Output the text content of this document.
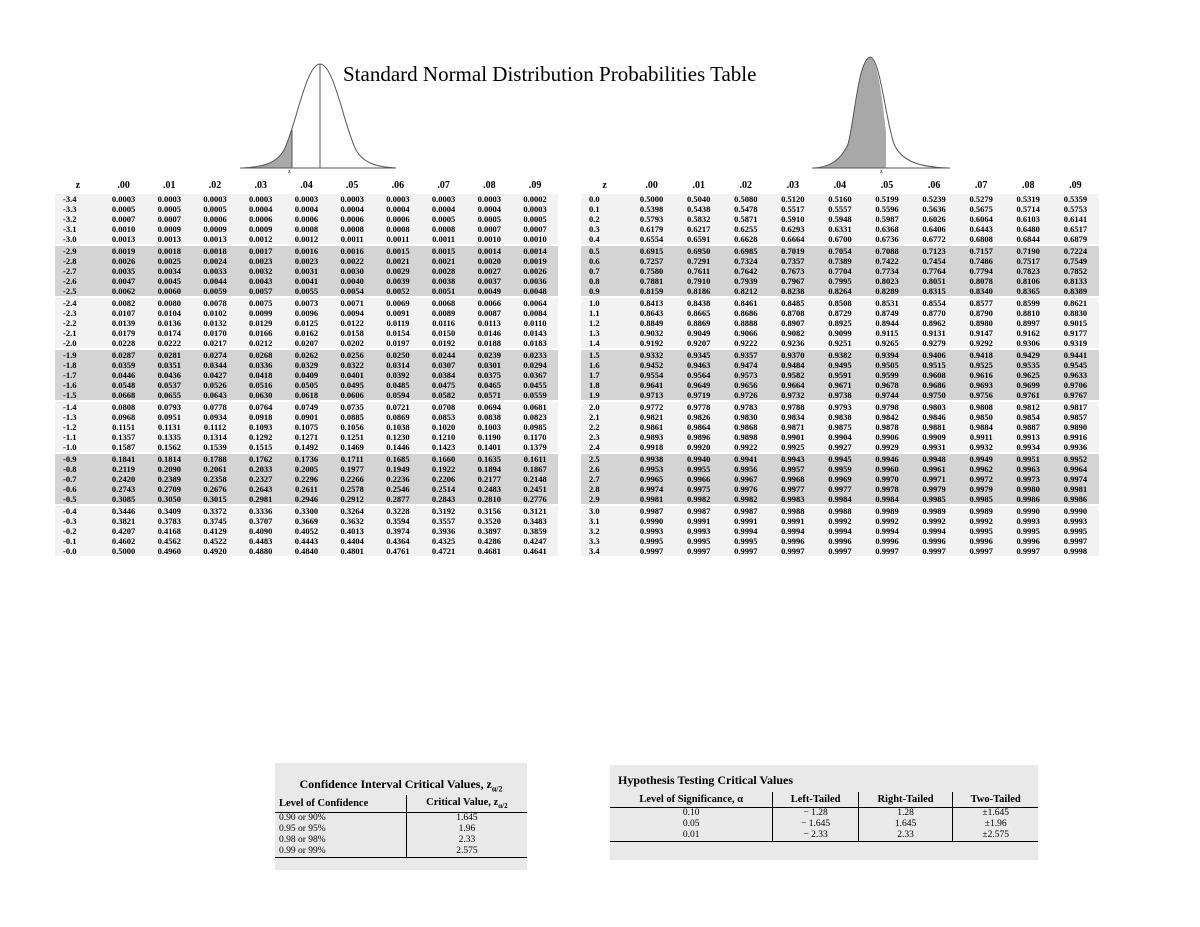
Standard Normal Distribution Probabilities Table
z	z
z	.00	.01	.02	.03	.04	.05	.06	.07	.08	.09
-3.4	0.0003	0.0003	0.0003	0.0003	0.0003	0.0003	0.0003	0.0003	0.0003	0.0002
-3.3	0.0005	0.0005	0.0005	0.0004	0.0004	0.0004	0.0004	0.0004	0.0004	0.0003
-3.2	0.0007	0.0007	0.0006	0.0006	0.0006	0.0006	0.0006	0.0005	0.0005	0.0005
-3.1	0.0010	0.0009	0.0009	0.0009	0.0008	0.0008	0.0008	0.0008	0.0007	0.0007
-3.0	0.0013	0.0013	0.0013	0.0012	0.0012	0.0011	0.0011	0.0011	0.0010	0.0010
-2.9	0.0019	0.0018	0.0018	0.0017	0.0016	0.0016	0.0015	0.0015	0.0014	0.0014
-2.8	0.0026	0.0025	0.0024	0.0023	0.0023	0.0022	0.0021	0.0021	0.0020	0.0019
-2.7	0.0035	0.0034	0.0033	0.0032	0.0031	0.0030	0.0029	0.0028	0.0027	0.0026
-2.6	0.0047	0.0045	0.0044	0.0043	0.0041	0.0040	0.0039	0.0038	0.0037	0.0036
-2.5	0.0062	0.0060	0.0059	0.0057	0.0055	0.0054	0.0052	0.0051	0.0049	0.0048
-2.4	0.0082	0.0080	0.0078	0.0075	0.0073	0.0071	0.0069	0.0068	0.0066	0.0064
-2.3	0.0107	0.0104	0.0102	0.0099	0.0096	0.0094	0.0091	0.0089	0.0087	0.0084
-2.2	0.0139	0.0136	0.0132	0.0129	0.0125	0.0122	0.0119	0.0116	0.0113	0.0110
-2.1	0.0179	0.0174	0.0170	0.0166	0.0162	0.0158	0.0154	0.0150	0.0146	0.0143
-2.0	0.0228	0.0222	0.0217	0.0212	0.0207	0.0202	0.0197	0.0192	0.0188	0.0183
-1.9	0.0287	0.0281	0.0274	0.0268	0.0262	0.0256	0.0250	0.0244	0.0239	0.0233
-1.8	0.0359	0.0351	0.0344	0.0336	0.0329	0.0322	0.0314	0.0307	0.0301	0.0294
-1.7	0.0446	0.0436	0.0427	0.0418	0.0409	0.0401	0.0392	0.0384	0.0375	0.0367
-1.6	0.0548	0.0537	0.0526	0.0516	0.0505	0.0495	0.0485	0.0475	0.0465	0.0455
-1.5	0.0668	0.0655	0.0643	0.0630	0.0618	0.0606	0.0594	0.0582	0.0571	0.0559
-1.4	0.0808	0.0793	0.0778	0.0764	0.0749	0.0735	0.0721	0.0708	0.0694	0.0681
-1.3	0.0968	0.0951	0.0934	0.0918	0.0901	0.0885	0.0869	0.0853	0.0838	0.0823
-1.2	0.1151	0.1131	0.1112	0.1093	0.1075	0.1056	0.1038	0.1020	0.1003	0.0985
-1.1	0.1357	0.1335	0.1314	0.1292	0.1271	0.1251	0.1230	0.1210	0.1190	0.1170
-1.0	0.1587	0.1562	0.1539	0.1515	0.1492	0.1469	0.1446	0.1423	0.1401	0.1379
-0.9	0.1841	0.1814	0.1788	0.1762	0.1736	0.1711	0.1685	0.1660	0.1635	0.1611
-0.8	0.2119	0.2090	0.2061	0.2033	0.2005	0.1977	0.1949	0.1922	0.1894	0.1867
-0.7	0.2420	0.2389	0.2358	0.2327	0.2296	0.2266	0.2236	0.2206	0.2177	0.2148
-0.6	0.2743	0.2709	0.2676	0.2643	0.2611	0.2578	0.2546	0.2514	0.2483	0.2451
-0.5	0.3085	0.3050	0.3015	0.2981	0.2946	0.2912	0.2877	0.2843	0.2810	0.2776
-0.4	0.3446	0.3409	0.3372	0.3336	0.3300	0.3264	0.3228	0.3192	0.3156	0.3121
-0.3	0.3821	0.3783	0.3745	0.3707	0.3669	0.3632	0.3594	0.3557	0.3520	0.3483
-0.2	0.4207	0.4168	0.4129	0.4090	0.4052	0.4013	0.3974	0.3936	0.3897	0.3859
-0.1	0.4602	0.4562	0.4522	0.4483	0.4443	0.4404	0.4364	0.4325	0.4286	0.4247
-0.0	0.5000	0.4960	0.4920	0.4880	0.4840	0.4801	0.4761	0.4721	0.4681	0.4641
z	.00	.01	.02	.03	.04	.05	.06	.07	.08	.09
0.0	0.5000	0.5040	0.5080	0.5120	0.5160	0.5199	0.5239	0.5279	0.5319	0.5359
0.1	0.5398	0.5438	0.5478	0.5517	0.5557	0.5596	0.5636	0.5675	0.5714	0.5753
0.2	0.5793	0.5832	0.5871	0.5910	0.5948	0.5987	0.6026	0.6064	0.6103	0.6141
0.3	0.6179	0.6217	0.6255	0.6293	0.6331	0.6368	0.6406	0.6443	0.6480	0.6517
0.4	0.6554	0.6591	0.6628	0.6664	0.6700	0.6736	0.6772	0.6808	0.6844	0.6879
0.5	0.6915	0.6950	0.6985	0.7019	0.7054	0.7088	0.7123	0.7157	0.7190	0.7224
0.6	0.7257	0.7291	0.7324	0.7357	0.7389	0.7422	0.7454	0.7486	0.7517	0.7549
0.7	0.7580	0.7611	0.7642	0.7673	0.7704	0.7734	0.7764	0.7794	0.7823	0.7852
0.8	0.7881	0.7910	0.7939	0.7967	0.7995	0.8023	0.8051	0.8078	0.8106	0.8133
0.9	0.8159	0.8186	0.8212	0.8238	0.8264	0.8289	0.8315	0.8340	0.8365	0.8389
1.0	0.8413	0.8438	0.8461	0.8485	0.8508	0.8531	0.8554	0.8577	0.8599	0.8621
1.1	0.8643	0.8665	0.8686	0.8708	0.8729	0.8749	0.8770	0.8790	0.8810	0.8830
1.2	0.8849	0.8869	0.8888	0.8907	0.8925	0.8944	0.8962	0.8980	0.8997	0.9015
1.3	0.9032	0.9049	0.9066	0.9082	0.9099	0.9115	0.9131	0.9147	0.9162	0.9177
1.4	0.9192	0.9207	0.9222	0.9236	0.9251	0.9265	0.9279	0.9292	0.9306	0.9319
1.5	0.9332	0.9345	0.9357	0.9370	0.9382	0.9394	0.9406	0.9418	0.9429	0.9441
1.6	0.9452	0.9463	0.9474	0.9484	0.9495	0.9505	0.9515	0.9525	0.9535	0.9545
1.7	0.9554	0.9564	0.9573	0.9582	0.9591	0.9599	0.9608	0.9616	0.9625	0.9633
1.8	0.9641	0.9649	0.9656	0.9664	0.9671	0.9678	0.9686	0.9693	0.9699	0.9706
1.9	0.9713	0.9719	0.9726	0.9732	0.9738	0.9744	0.9750	0.9756	0.9761	0.9767
2.0	0.9772	0.9778	0.9783	0.9788	0.9793	0.9798	0.9803	0.9808	0.9812	0.9817
2.1	0.9821	0.9826	0.9830	0.9834	0.9838	0.9842	0.9846	0.9850	0.9854	0.9857
2.2	0.9861	0.9864	0.9868	0.9871	0.9875	0.9878	0.9881	0.9884	0.9887	0.9890
2.3	0.9893	0.9896	0.9898	0.9901	0.9904	0.9906	0.9909	0.9911	0.9913	0.9916
2.4	0.9918	0.9920	0.9922	0.9925	0.9927	0.9929	0.9931	0.9932	0.9934	0.9936
2.5	0.9938	0.9940	0.9941	0.9943	0.9945	0.9946	0.9948	0.9949	0.9951	0.9952
2.6	0.9953	0.9955	0.9956	0.9957	0.9959	0.9960	0.9961	0.9962	0.9963	0.9964
2.7	0.9965	0.9966	0.9967	0.9968	0.9969	0.9970	0.9971	0.9972	0.9973	0.9974
2.8	0.9974	0.9975	0.9976	0.9977	0.9977	0.9978	0.9979	0.9979	0.9980	0.9981
2.9	0.9981	0.9982	0.9982	0.9983	0.9984	0.9984	0.9985	0.9985	0.9986	0.9986
3.0	0.9987	0.9987	0.9987	0.9988	0.9988	0.9989	0.9989	0.9989	0.9990	0.9990
3.1	0.9990	0.9991	0.9991	0.9991	0.9992	0.9992	0.9992	0.9992	0.9993	0.9993
3.2	0.9993	0.9993	0.9994	0.9994	0.9994	0.9994	0.9994	0.9995	0.9995	0.9995
3.3	0.9995	0.9995	0.9995	0.9996	0.9996	0.9996	0.9996	0.9996	0.9996	0.9997
3.4	0.9997	0.9997	0.9997	0.9997	0.9997	0.9997	0.9997	0.9997	0.9997	0.9998
Confidence Interval Critical Values, $z_{\alpha/2}$
Level of Confidence	Critical Value, $z_{\alpha/2}$
0.90 or 90%	1.645
0.95 or 95%	1.96
0.98 or 98%	2.33
0.99 or 99%	2.575
Hypothesis Testing Critical Values
Level of Significance, α	Left-Tailed	Right-Tailed	Two-Tailed
0.10	− 1.28	1.28	±1.645
0.05	− 1.645	1.645	±1.96
0.01	− 2.33	2.33	±2.575
